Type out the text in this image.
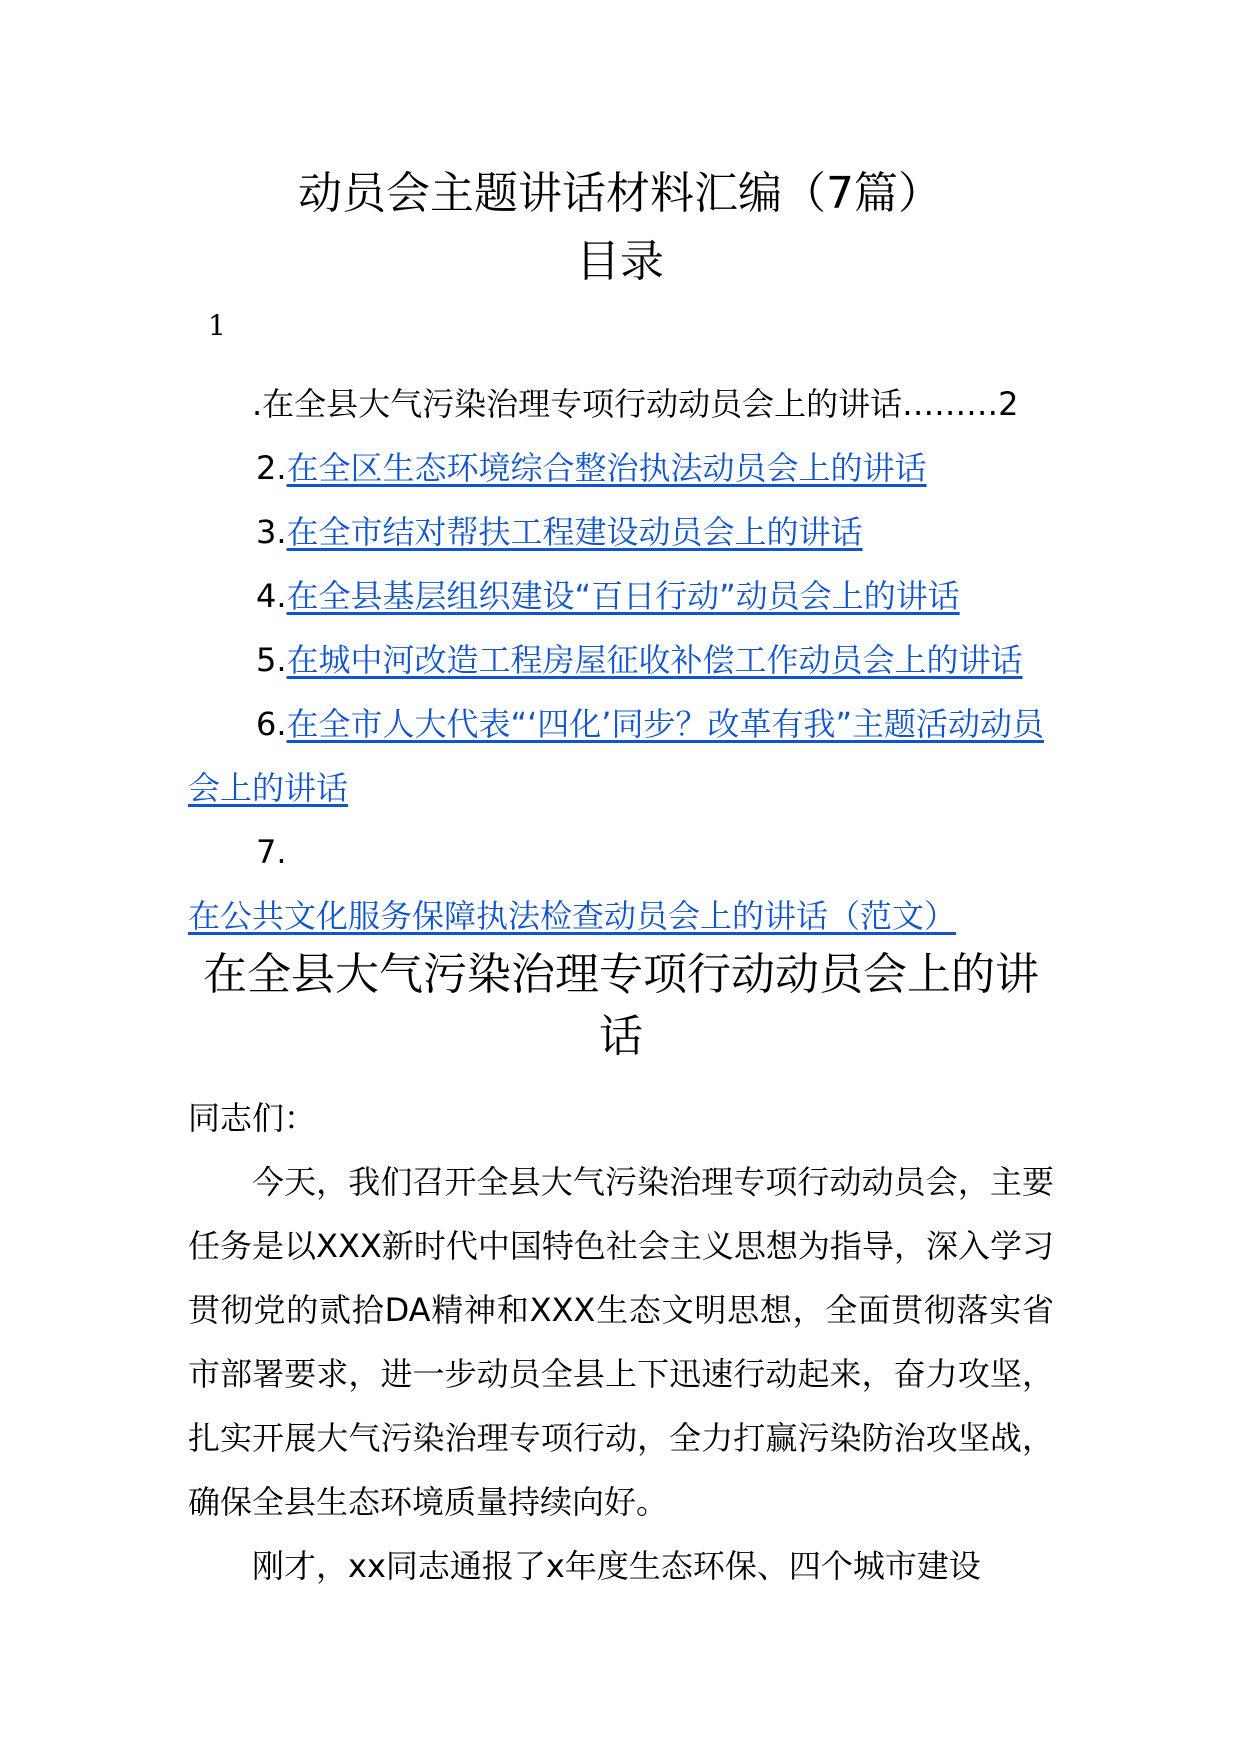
动员会主题讲话材料汇编（7篇）
目录
1

.在全县大气污染治理专项行动动员会上的讲话………2

2.在全区生态环境综合整治执法动员会上的讲话

3.在全市结对帮扶工程建设动员会上的讲话

4.在全县基层组织建设“百日行动”动员会上的讲话

5.在城中河改造工程房屋征收补偿工作动员会上的讲话

6.在全市人大代表“‘四化’同步？改革有我”主题活动动员会上的讲话

7.在公共文化服务保障执法检查动员会上的讲话（范文）

在全县大气污染治理专项行动动员会上的讲话

同志们：

今天，我们召开全县大气污染治理专项行动动员会，主要任务是以XXX新时代中国特色社会主义思想为指导，深入学习贯彻党的贰拾DA精神和XXX生态文明思想，全面贯彻落实省市部署要求，进一步动员全县上下迅速行动起来，奋力攻坚，扎实开展大气污染治理专项行动，全力打赢污染防治攻坚战，确保全县生态环境质量持续向好。

刚才，xx同志通报了x年度生态环保、四个城市建设
